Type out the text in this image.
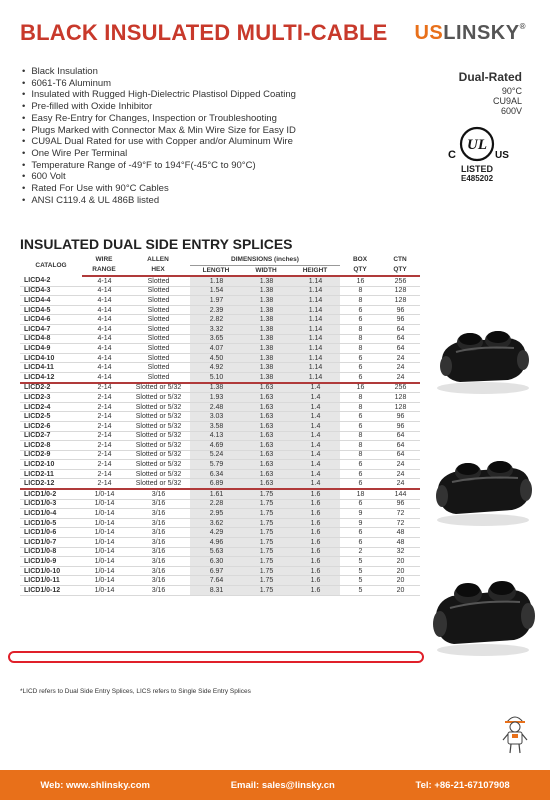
BLACK INSULATED MULTI-CABLE USLINSKY®
• Black Insulation
• 6061-T6 Aluminum
• Insulated with Rugged High-Dielectric Plastisol Dipped Coating
• Pre-filled with Oxide Inhibitor
• Easy Re-Entry for Changes, Inspection or Troubleshooting
• Plugs Marked with Connector Max & Min Wire Size for Easy ID
• CU9AL Dual Rated for use with Copper and/or Aluminum Wire
• One Wire Per Terminal
• Temperature Range of -49°F to 194°F(-45°C to 90°C)
• 600 Volt
• Rated For Use with 90°C Cables
• ANSI C119.4 & UL 486B listed
Dual-Rated
90°C
CU9AL
600V
UL
C	US
LISTED
E485202
INSULATED DUAL SIDE ENTRY SPLICES
CATALOG	WIRE	ALLEN	DIMENSIONS (inches)			BOX	CTN
	RANGE	HEX	LENGTH	WIDTH	HEIGHT	QTY	QTY
LICD4-2	4-14	Slotted	1.18	1.38	1.14	16	256
LICD4-3	4-14	Slotted	1.54	1.38	1.14	8	128
LICD4-4	4-14	Slotted	1.97	1.38	1.14	8	128
LICD4-5	4-14	Slotted	2.39	1.38	1.14	6	96
LICD4-6	4-14	Slotted	2.82	1.38	1.14	6	96
LICD4-7	4-14	Slotted	3.32	1.38	1.14	8	64
LICD4-8	4-14	Slotted	3.65	1.38	1.14	8	64
LICD4-9	4-14	Slotted	4.07	1.38	1.14	8	64
LICD4-10	4-14	Slotted	4.50	1.38	1.14	6	24
LICD4-11	4-14	Slotted	4.92	1.38	1.14	6	24
LICD4-12	4-14	Slotted	5.10	1.38	1.14	6	24
LICD2-2	2-14	Slotted or 5/32	1.38	1.63	1.4	16	256
LICD2-3	2-14	Slotted or 5/32	1.93	1.63	1.4	8	128
LICD2-4	2-14	Slotted or 5/32	2.48	1.63	1.4	8	128
LICD2-5	2-14	Slotted or 5/32	3.03	1.63	1.4	6	96
LICD2-6	2-14	Slotted or 5/32	3.58	1.63	1.4	6	96
LICD2-7	2-14	Slotted or 5/32	4.13	1.63	1.4	8	64
LICD2-8	2-14	Slotted or 5/32	4.69	1.63	1.4	8	64
LICD2-9	2-14	Slotted or 5/32	5.24	1.63	1.4	8	64
LICD2-10	2-14	Slotted or 5/32	5.79	1.63	1.4	6	24
LICD2-11	2-14	Slotted or 5/32	6.34	1.63	1.4	6	24
LICD2-12	2-14	Slotted or 5/32	6.89	1.63	1.4	6	24
LICD1/0-2	1/0-14	3/16	1.61	1.75	1.6	18	144
LICD1/0-3	1/0-14	3/16	2.28	1.75	1.6	6	96
LICD1/0-4	1/0-14	3/16	2.95	1.75	1.6	9	72
LICD1/0-5	1/0-14	3/16	3.62	1.75	1.6	9	72
LICD1/0-6	1/0-14	3/16	4.29	1.75	1.6	6	48
LICD1/0-7	1/0-14	3/16	4.96	1.75	1.6	6	48
LICD1/0-8	1/0-14	3/16	5.63	1.75	1.6	2	32
LICD1/0-9	1/0-14	3/16	6.30	1.75	1.6	5	20
LICD1/0-10	1/0-14	3/16	6.97	1.75	1.6	5	20
LICD1/0-11	1/0-14	3/16	7.64	1.75	1.6	5	20
LICD1/0-12	1/0-14	3/16	8.31	1.75	1.6	5	20
*LICD refers to Dual Side Entry Splices, LICS refers to Single Side Entry Splices
Web: www.shlinsky.com	Email: sales@linsky.cn	Tel: +86-21-67107908
